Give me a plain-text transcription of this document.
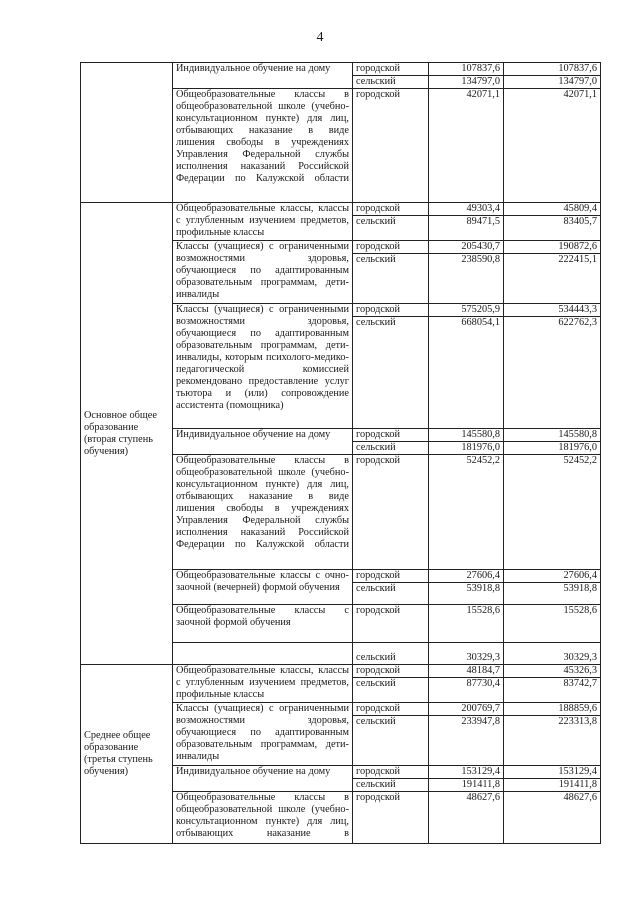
4
	Индивидуальное обучение на дому	городской	107837,6	107837,6
		сельский	134797,0	134797,0
	Общеобразовательные классы в общеобразовательной школе (учебно-консультационном пункте) для лиц, отбывающих наказание в виде лишения свободы в учреждениях Управления Федеральной службы исполнения наказаний Российской Федерации по Калужской области	городской	42071,1	42071,1
Основное общее образование (вторая ступень обучения)	Общеобразовательные классы, классы с углубленным изучением предметов, профильные классы	городской	49303,4	45809,4
		сельский	89471,5	83405,7
	Классы (учащиеся) с ограниченными возможностями здоровья, обучающиеся по адаптированным образовательным программам, дети-инвалиды	городской	205430,7	190872,6
		сельский	238590,8	222415,1
	Классы (учащиеся) с ограниченными возможностями здоровья, обучающиеся по адаптированным образовательным программам, дети-инвалиды, которым психолого-медико-педагогической комиссией рекомендовано предоставление услуг тьютора и (или) сопровождение ассистента (помощника)	городской	575205,9	534443,3
		сельский	668054,1	622762,3
	Индивидуальное обучение на дому	городской	145580,8	145580,8
		сельский	181976,0	181976,0
	Общеобразовательные классы в общеобразовательной школе (учебно-консультационном пункте) для лиц, отбывающих наказание в виде лишения свободы в учреждениях Управления Федеральной службы исполнения наказаний Российской Федерации по Калужской области	городской	52452,2	52452,2
	Общеобразовательные классы с очно-заочной (вечерней) формой обучения	городской	27606,4	27606,4
		сельский	53918,8	53918,8
	Общеобразовательные классы с заочной формой обучения	городской	15528,6	15528,6
		сельский	30329,3	30329,3
Среднее общее образование (третья ступень обучения)	Общеобразовательные классы, классы с углубленным изучением предметов, профильные классы	городской	48184,7	45326,3
		сельский	87730,4	83742,7
	Классы (учащиеся) с ограниченными возможностями здоровья, обучающиеся по адаптированным образовательным программам, дети-инвалиды	городской	200769,7	188859,6
		сельский	233947,8	223313,8
	Индивидуальное обучение на дому	городской	153129,4	153129,4
		сельский	191411,8	191411,8
	Общеобразовательные классы в общеобразовательной школе (учебно-консультационном пункте) для лиц, отбывающих наказание в	городской	48627,6	48627,6
